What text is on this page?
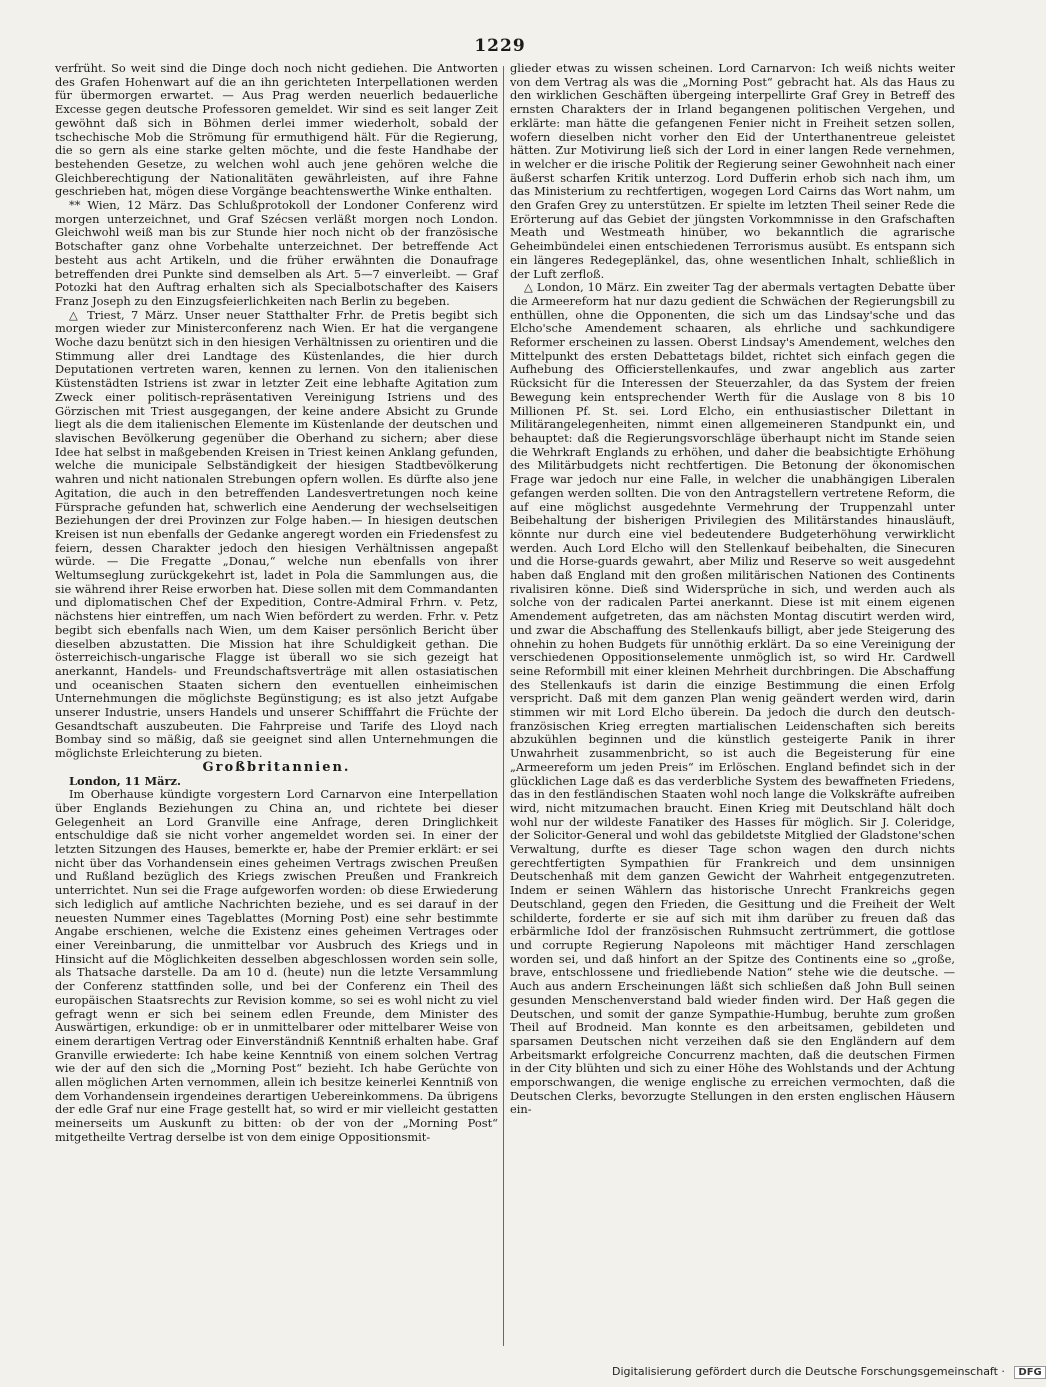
1229

verfrüht. So weit sind die Dinge doch noch nicht gediehen. Die Antworten des Grafen Hohenwart auf die an ihn gerichteten Interpellationen werden für übermorgen erwartet. — Aus Prag werden neuerlich bedauerliche Excesse gegen deutsche Professoren gemeldet. Wir sind es seit langer Zeit gewöhnt daß sich in Böhmen derlei immer wiederholt, sobald der tschechische Mob die Strömung für ermuthigend hält. Für die Regierung, die so gern als eine starke gelten möchte, und die feste Handhabe der bestehenden Gesetze, zu welchen wohl auch jene gehören welche die Gleichberechtigung der Nationalitäten gewährleisten, auf ihre Fahne geschrieben hat, mögen diese Vorgänge beachtenswerthe Winke enthalten.

** Wien, 12 März. Das Schlußprotokoll der Londoner Conferenz wird morgen unterzeichnet, und Graf Szécsen verläßt morgen noch London. Gleichwohl weiß man bis zur Stunde hier noch nicht ob der französische Botschafter ganz ohne Vorbehalte unterzeichnet. Der betreffende Act besteht aus acht Artikeln, und die früher erwähnten die Donaufrage betreffenden drei Punkte sind demselben als Art. 5—7 einverleibt. — Graf Potozki hat den Auftrag erhalten sich als Specialbotschafter des Kaisers Franz Joseph zu den Einzugsfeierlichkeiten nach Berlin zu begeben.

△ Triest, 7 März. Unser neuer Statthalter Frhr. de Pretis begibt sich morgen wieder zur Ministerconferenz nach Wien. Er hat die vergangene Woche dazu benützt sich in den hiesigen Verhältnissen zu orientiren und die Stimmung aller drei Landtage des Küstenlandes, die hier durch Deputationen vertreten waren, kennen zu lernen. Von den italienischen Küstenstädten Istriens ist zwar in letzter Zeit eine lebhafte Agitation zum Zweck einer politisch-repräsentativen Vereinigung Istriens und des Görzischen mit Triest ausgegangen, der keine andere Absicht zu Grunde liegt als die dem italienischen Elemente im Küstenlande der deutschen und slavischen Bevölkerung gegenüber die Oberhand zu sichern; aber diese Idee hat selbst in maßgebenden Kreisen in Triest keinen Anklang gefunden, welche die municipale Selbständigkeit der hiesigen Stadtbevölkerung wahren und nicht nationalen Strebungen opfern wollen. Es dürfte also jene Agitation, die auch in den betreffenden Landesvertretungen noch keine Fürsprache gefunden hat, schwerlich eine Aenderung der wechselseitigen Beziehungen der drei Provinzen zur Folge haben.— In hiesigen deutschen Kreisen ist nun ebenfalls der Gedanke angeregt worden ein Friedensfest zu feiern, dessen Charakter jedoch den hiesigen Verhältnissen angepaßt würde. — Die Fregatte „Donau,“ welche nun ebenfalls von ihrer Weltumseglung zurückgekehrt ist, ladet in Pola die Sammlungen aus, die sie während ihrer Reise erworben hat. Diese sollen mit dem Commandanten und diplomatischen Chef der Expedition, Contre-Admiral Frhrn. v. Petz, nächstens hier eintreffen, um nach Wien befördert zu werden. Frhr. v. Petz begibt sich ebenfalls nach Wien, um dem Kaiser persönlich Bericht über dieselben abzustatten. Die Mission hat ihre Schuldigkeit gethan. Die österreichisch-ungarische Flagge ist überall wo sie sich gezeigt hat anerkannt, Handels- und Freundschaftsverträge mit allen ostasiatischen und oceanischen Staaten sichern den eventuellen einheimischen Unternehmungen die möglichste Begünstigung; es ist also jetzt Aufgabe unserer Industrie, unsers Handels und unserer Schifffahrt die Früchte der Gesandtschaft auszubeuten. Die Fahrpreise und Tarife des Lloyd nach Bombay sind so mäßig, daß sie geeignet sind allen Unternehmungen die möglichste Erleichterung zu bieten.

Großbritannien.

London, 11 März.

Im Oberhause kündigte vorgestern Lord Carnarvon eine Interpellation über Englands Beziehungen zu China an, und richtete bei dieser Gelegenheit an Lord Granville eine Anfrage, deren Dringlichkeit entschuldige daß sie nicht vorher angemeldet worden sei. In einer der letzten Sitzungen des Hauses, bemerkte er, habe der Premier erklärt: er sei nicht über das Vorhandensein eines geheimen Vertrags zwischen Preußen und Rußland bezüglich des Kriegs zwischen Preußen und Frankreich unterrichtet. Nun sei die Frage aufgeworfen worden: ob diese Erwiederung sich lediglich auf amtliche Nachrichten beziehe, und es sei darauf in der neuesten Nummer eines Tageblattes (Morning Post) eine sehr bestimmte Angabe erschienen, welche die Existenz eines geheimen Vertrages oder einer Vereinbarung, die unmittelbar vor Ausbruch des Kriegs und in Hinsicht auf die Möglichkeiten desselben abgeschlossen worden sein solle, als Thatsache darstelle. Da am 10 d. (heute) nun die letzte Versammlung der Conferenz stattfinden solle, und bei der Conferenz ein Theil des europäischen Staatsrechts zur Revision komme, so sei es wohl nicht zu viel gefragt wenn er sich bei seinem edlen Freunde, dem Minister des Auswärtigen, erkundige: ob er in unmittelbarer oder mittelbarer Weise von einem derartigen Vertrag oder Einverständniß Kenntniß erhalten habe. Graf Granville erwiederte: Ich habe keine Kenntniß von einem solchen Vertrag wie der auf den sich die „Morning Post“ bezieht. Ich habe Gerüchte von allen möglichen Arten vernommen, allein ich besitze keinerlei Kenntniß von dem Vorhandensein irgendeines derartigen Uebereinkommens. Da übrigens der edle Graf nur eine Frage gestellt hat, so wird er mir vielleicht gestatten meinerseits um Auskunft zu bitten: ob der von der „Morning Post“ mitgetheilte Vertrag derselbe ist von dem einige Oppositionsmit-

glieder etwas zu wissen scheinen. Lord Carnarvon: Ich weiß nichts weiter von dem Vertrag als was die „Morning Post“ gebracht hat. Als das Haus zu den wirklichen Geschäften übergeing interpellirte Graf Grey in Betreff des ernsten Charakters der in Irland begangenen politischen Vergehen, und erklärte: man hätte die gefangenen Fenier nicht in Freiheit setzen sollen, wofern dieselben nicht vorher den Eid der Unterthanentreue geleistet hätten. Zur Motivirung ließ sich der Lord in einer langen Rede vernehmen, in welcher er die irische Politik der Regierung seiner Gewohnheit nach einer äußerst scharfen Kritik unterzog. Lord Dufferin erhob sich nach ihm, um das Ministerium zu rechtfertigen, wogegen Lord Cairns das Wort nahm, um den Grafen Grey zu unterstützen. Er spielte im letzten Theil seiner Rede die Erörterung auf das Gebiet der jüngsten Vorkommnisse in den Grafschaften Meath und Westmeath hinüber, wo bekanntlich die agrarische Geheimbündelei einen entschiedenen Terrorismus ausübt. Es entspann sich ein längeres Redegeplänkel, das, ohne wesentlichen Inhalt, schließlich in der Luft zerfloß.

△ London, 10 März. Ein zweiter Tag der abermals vertagten Debatte über die Armeereform hat nur dazu gedient die Schwächen der Regierungsbill zu enthüllen, ohne die Opponenten, die sich um das Lindsay'sche und das Elcho'sche Amendement schaaren, als ehrliche und sachkundigere Reformer erscheinen zu lassen. Oberst Lindsay's Amendement, welches den Mittelpunkt des ersten Debattetags bildet, richtet sich einfach gegen die Aufhebung des Officierstellenkaufes, und zwar angeblich aus zarter Rücksicht für die Interessen der Steuerzahler, da das System der freien Bewegung kein entsprechender Werth für die Auslage von 8 bis 10 Millionen Pf. St. sei. Lord Elcho, ein enthusiastischer Dilettant in Militärangelegenheiten, nimmt einen allgemeineren Standpunkt ein, und behauptet: daß die Regierungsvorschläge überhaupt nicht im Stande seien die Wehrkraft Englands zu erhöhen, und daher die beabsichtigte Erhöhung des Militärbudgets nicht rechtfertigen. Die Betonung der ökonomischen Frage war jedoch nur eine Falle, in welcher die unabhängigen Liberalen gefangen werden sollten. Die von den Antragstellern vertretene Reform, die auf eine möglichst ausgedehnte Vermehrung der Truppenzahl unter Beibehaltung der bisherigen Privilegien des Militärstandes hinausläuft, könnte nur durch eine viel bedeutendere Budgeterhöhung verwirklicht werden. Auch Lord Elcho will den Stellenkauf beibehalten, die Sinecuren und die Horse-guards gewahrt, aber Miliz und Reserve so weit ausgedehnt haben daß England mit den großen militärischen Nationen des Continents rivalisiren könne. Dieß sind Widersprüche in sich, und werden auch als solche von der radicalen Partei anerkannt. Diese ist mit einem eigenen Amendement aufgetreten, das am nächsten Montag discutirt werden wird, und zwar die Abschaffung des Stellenkaufs billigt, aber jede Steigerung des ohnehin zu hohen Budgets für unnöthig erklärt. Da so eine Vereinigung der verschiedenen Oppositionselemente unmöglich ist, so wird Hr. Cardwell seine Reformbill mit einer kleinen Mehrheit durchbringen. Die Abschaffung des Stellenkaufs ist darin die einzige Bestimmung die einen Erfolg verspricht. Daß mit dem ganzen Plan wenig geändert werden wird, darin stimmen wir mit Lord Elcho überein. Da jedoch die durch den deutsch-französischen Krieg erregten martialischen Leidenschaften sich bereits abzukühlen beginnen und die künstlich gesteigerte Panik in ihrer Unwahrheit zusammenbricht, so ist auch die Begeisterung für eine „Armeereform um jeden Preis“ im Erlöschen. England befindet sich in der glücklichen Lage daß es das verderbliche System des bewaffneten Friedens, das in den festländischen Staaten wohl noch lange die Volkskräfte aufreiben wird, nicht mitzumachen braucht. Einen Krieg mit Deutschland hält doch wohl nur der wildeste Fanatiker des Hasses für möglich. Sir J. Coleridge, der Solicitor-General und wohl das gebildetste Mitglied der Gladstone'schen Verwaltung, durfte es dieser Tage schon wagen den durch nichts gerechtfertigten Sympathien für Frankreich und dem unsinnigen Deutschenhaß mit dem ganzen Gewicht der Wahrheit entgegenzutreten. Indem er seinen Wählern das historische Unrecht Frankreichs gegen Deutschland, gegen den Frieden, die Gesittung und die Freiheit der Welt schilderte, forderte er sie auf sich mit ihm darüber zu freuen daß das erbärmliche Idol der französischen Ruhmsucht zertrümmert, die gottlose und corrupte Regierung Napoleons mit mächtiger Hand zerschlagen worden sei, und daß hinfort an der Spitze des Continents eine so „große, brave, entschlossene und friedliebende Nation“ stehe wie die deutsche. — Auch aus andern Erscheinungen läßt sich schließen daß John Bull seinen gesunden Menschenverstand bald wieder finden wird. Der Haß gegen die Deutschen, und somit der ganze Sympathie-Humbug, beruhte zum großen Theil auf Brodneid. Man konnte es den arbeitsamen, gebildeten und sparsamen Deutschen nicht verzeihen daß sie den Engländern auf dem Arbeitsmarkt erfolgreiche Concurrenz machten, daß die deutschen Firmen in der City blühten und sich zu einer Höhe des Wohlstands und der Achtung emporschwangen, die wenige englische zu erreichen vermochten, daß die Deutschen Clerks, bevorzugte Stellungen in den ersten englischen Häusern ein-

Digitalisierung gefördert durch die Deutsche Forschungsgemeinschaft · DFG
